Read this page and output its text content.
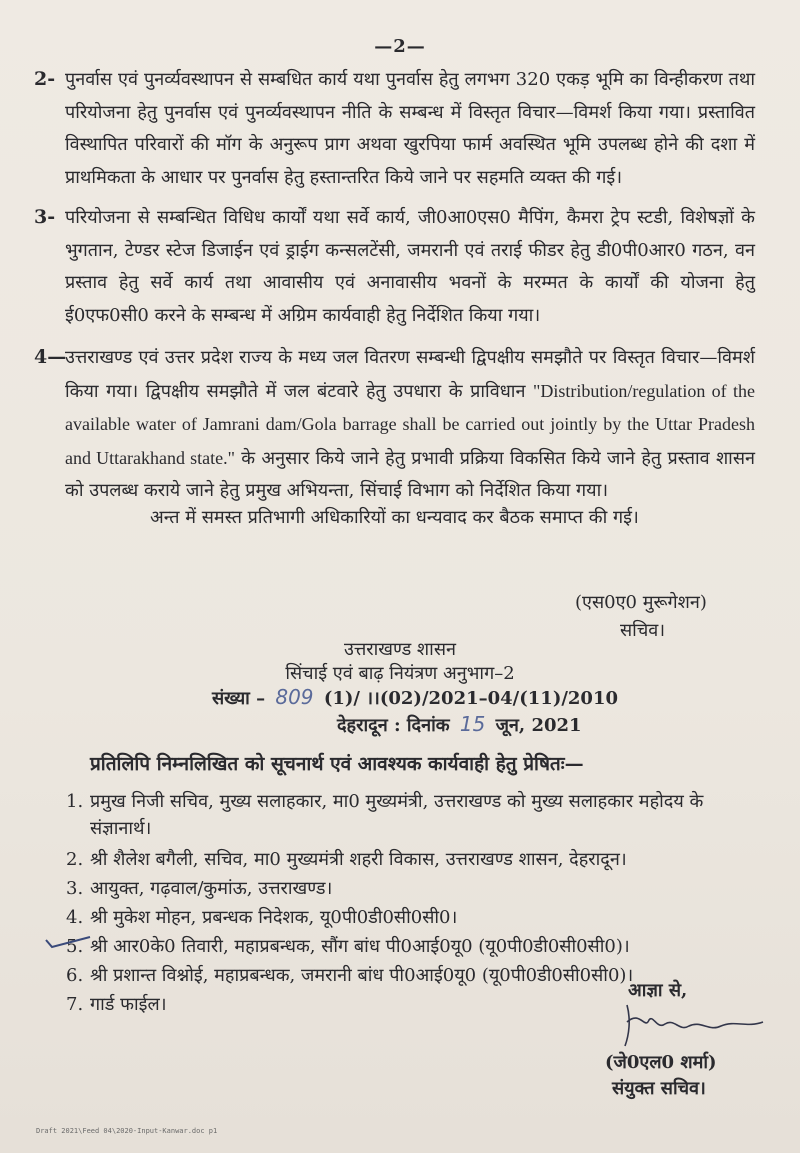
—2—
2- पुनर्वास एवं पुनर्व्यवस्थापन से सम्बधित कार्य यथा पुनर्वास हेतु लगभग 320 एकड़ भूमि का विन्हीकरण तथा परियोजना हेतु पुनर्वास एवं पुनर्व्यवस्थापन नीति के सम्बन्ध में विस्तृत विचार—विमर्श किया गया। प्रस्तावित विस्थापित परिवारों की मॉग के अनुरूप प्राग अथवा खुरपिया फार्म अवस्थित भूमि उपलब्ध होने की दशा में प्राथमिकता के आधार पर पुनर्वास हेतु हस्तान्तरित किये जाने पर सहमति व्यक्त की गई।
3- परियोजना से सम्बन्धित विधिध कार्यों यथा सर्वे कार्य, जी0आ0एस0 मैपिंग, कैमरा ट्रेप स्टडी, विशेषज्ञों के भुगतान, टेण्डर स्टेज डिजाईन एवं ड्राईग कन्सलटेंसी, जमरानी एवं तराई फीडर हेतु डी0पी0आर0 गठन, वन प्रस्ताव हेतु सर्वे कार्य तथा आवासीय एवं अनावासीय भवनों के मरम्मत के कार्यों की योजना हेतु ई0एफ0सी0 करने के सम्बन्ध में अग्रिम कार्यवाही हेतु निर्देशित किया गया।
4—
उत्तराखण्ड एवं उत्तर प्रदेश राज्य के मध्य जल वितरण सम्बन्धी द्विपक्षीय समझौते पर विस्तृत विचार—विमर्श किया गया। द्विपक्षीय समझौते में जल बंटवारे हेतु उपधारा के प्राविधान "Distribution/regulation of the available water of Jamrani dam/Gola barrage shall be carried out jointly by the Uttar Pradesh and Uttarakhand state." के अनुसार किये जाने हेतु प्रभावी प्रक्रिया विकसित किये जाने हेतु प्रस्ताव शासन को उपलब्ध कराये जाने हेतु प्रमुख अभियन्ता, सिंचाई विभाग को निर्देशित किया गया।
अन्त में समस्त प्रतिभागी अधिकारियों का धन्यवाद कर बैठक समाप्त की गई।
(एस0ए0 मुरूगेशन)
सचिव।
उत्तराखण्ड शासन
सिंचाई एवं बाढ़ नियंत्रण अनुभाग–2
संख्या – 809 (1)/ ।।(02)/2021–04/(11)/2010
देहरादून : दिनांक 15 जून, 2021
प्रतिलिपि निम्नलिखित को सूचनार्थ एवं आवश्यक कार्यवाही हेतु प्रेषितः—
1. प्रमुख निजी सचिव, मुख्य सलाहकार, मा0 मुख्यमंत्री, उत्तराखण्ड को मुख्य सलाहकार महोदय के संज्ञानार्थ।
2. श्री शैलेश बगैली, सचिव, मा0 मुख्यमंत्री शहरी विकास, उत्तराखण्ड शासन, देहरादून।
3. आयुक्त, गढ़वाल/कुमांऊ, उत्तराखण्ड।
4. श्री मुकेश मोहन, प्रबन्धक निदेशक, यू0पी0डी0सी0सी0।
5. श्री आर0के0 तिवारी, महाप्रबन्धक, सौंग बांध पी0आई0यू0 (यू0पी0डी0सी0सी0)।
6. श्री प्रशान्त विश्नोई, महाप्रबन्धक, जमरानी बांध पी0आई0यू0 (यू0पी0डी0सी0सी0)।
7. गार्ड फाईल।
आज्ञा से,
(जे0एल0 शर्मा)
संयुक्त सचिव।
Draft 2021\Feed 04\2020-Input-Kanwar.doc p1
